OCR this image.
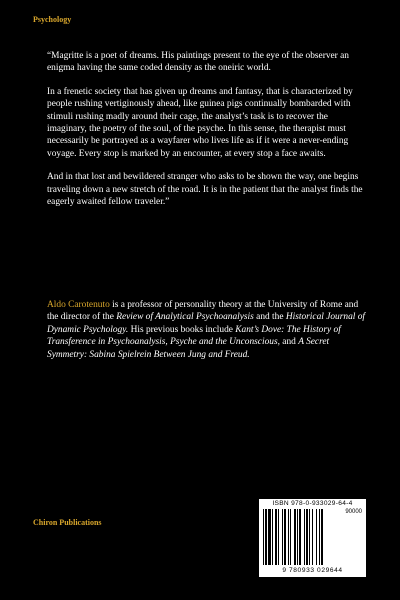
Psychology

“Magritte is a poet of dreams. His paintings present to the eye of the observer an enigma having the same coded density as the oneiric world.

In a frenetic society that has given up dreams and fantasy, that is characterized by people rushing vertiginously ahead, like guinea pigs continually bombarded with stimuli rushing madly around their cage, the analyst’s task is to recover the imaginary, the poetry of the soul, of the psyche. In this sense, the therapist must necessarily be portrayed as a wayfarer who lives life as if it were a never-ending voyage. Every stop is marked by an encounter, at every stop a face awaits.

And in that lost and bewildered stranger who asks to be shown the way, one begins traveling down a new stretch of the road. It is in the patient that the analyst finds the eagerly awaited fellow traveler.”

Aldo Carotenuto is a professor of personality theory at the University of Rome and the director of the Review of Analytical Psychoanalysis and the Historical Journal of Dynamic Psychology. His previous books include Kant’s Dove: The History of Transference in Psychoanalysis, Psyche and the Unconscious, and A Secret Symmetry: Sabina Spielrein Between Jung and Freud.

Chiron Publications
ISBN 978-0-933029-64-4
90000
9 780933 029644
